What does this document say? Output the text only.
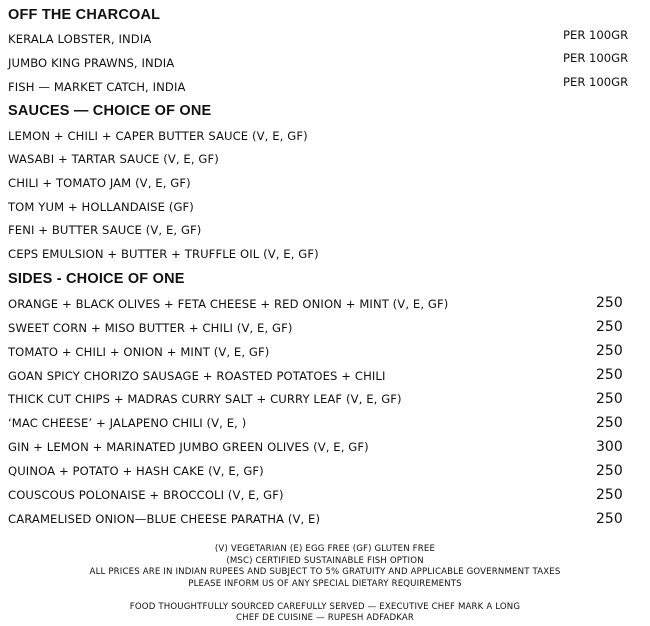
OFF THE CHARCOAL
KERALA LOBSTER, INDIA	PER 100GR
JUMBO KING PRAWNS, INDIA	PER 100GR
FISH — MARKET CATCH, INDIA	PER 100GR
SAUCES — CHOICE OF ONE
LEMON + CHILI + CAPER BUTTER SAUCE (V, E, GF)
WASABI + TARTAR SAUCE (V, E, GF)
CHILI + TOMATO JAM (V, E, GF)
TOM YUM + HOLLANDAISE (GF)
FENI + BUTTER SAUCE (V, E, GF)
CEPS EMULSION + BUTTER + TRUFFLE OIL (V, E, GF)
SIDES - CHOICE OF ONE
ORANGE + BLACK OLIVES + FETA CHEESE + RED ONION + MINT (V, E, GF)	250
SWEET CORN + MISO BUTTER + CHILI (V, E, GF)	250
TOMATO + CHILI + ONION + MINT (V, E, GF)	250
GOAN SPICY CHORIZO SAUSAGE + ROASTED POTATOES + CHILI	250
THICK CUT CHIPS + MADRAS CURRY SALT + CURRY LEAF (V, E, GF)	250
‘MAC CHEESE’ + JALAPENO CHILI (V, E, )	250
GIN + LEMON + MARINATED JUMBO GREEN OLIVES (V, E, GF)	300
QUINOA + POTATO + HASH CAKE (V, E, GF)	250
COUSCOUS POLONAISE + BROCCOLI (V, E, GF)	250
CARAMELISED ONION—BLUE CHEESE PARATHA (V, E)	250
(V) VEGETARIAN (E) EGG FREE (GF) GLUTEN FREE
(MSC) CERTIFIED SUSTAINABLE FISH OPTION
ALL PRICES ARE IN INDIAN RUPEES AND SUBJECT TO 5% GRATUITY AND APPLICABLE GOVERNMENT TAXES
PLEASE INFORM US OF ANY SPECIAL DIETARY REQUIREMENTS
FOOD THOUGHTFULLY SOURCED CAREFULLY SERVED — EXECUTIVE CHEF MARK A LONG
CHEF DE CUISINE — RUPESH ADFADKAR
